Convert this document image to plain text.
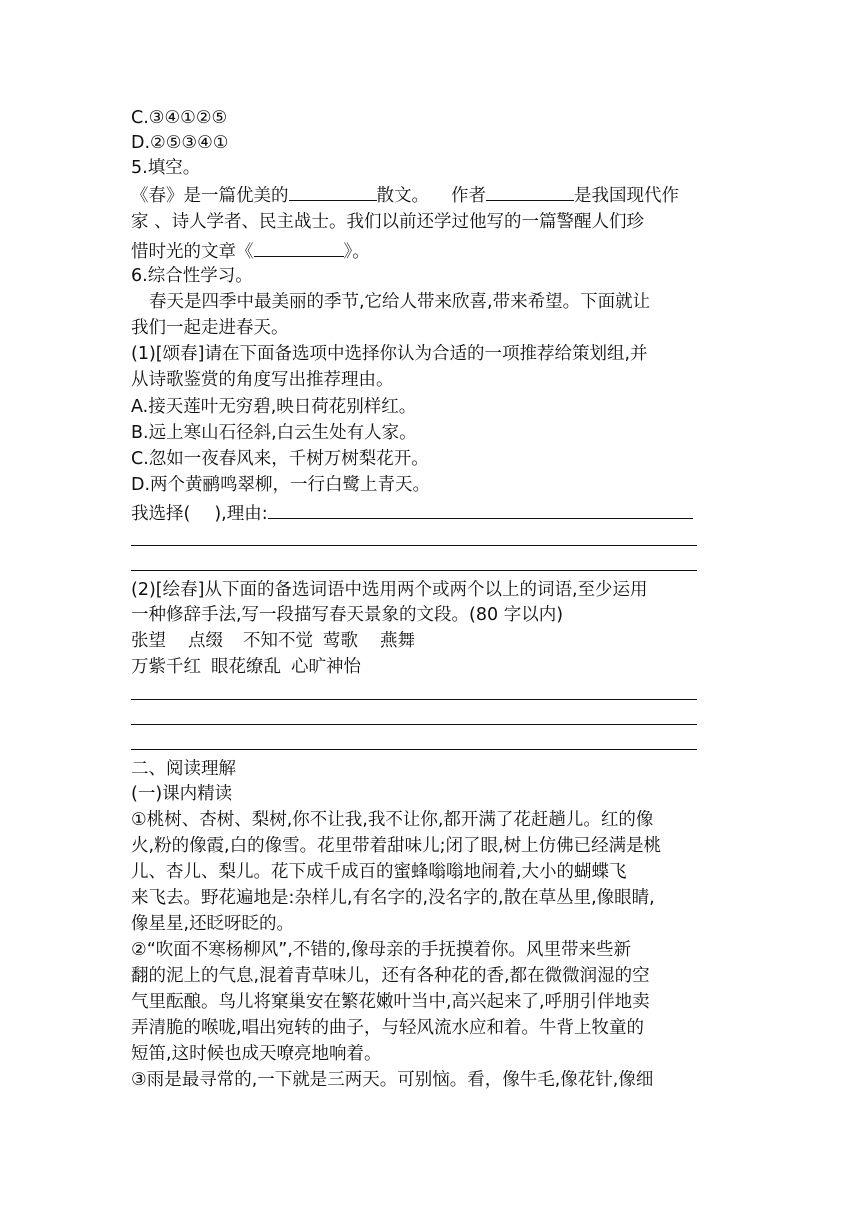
C.③④①②⑤
D.②⑤③④①
5.填空。
《春》是一篇优美的	散文。 作者	是我国现代作
家 、诗人学者、民主战士。我们以前还学过他写的一篇警醒人们珍
惜时光的文章《	》。
6.综合性学习。
春天是四季中最美丽的季节,它给人带来欣喜,带来希望。下面就让
我们一起走进春天。
(1)[颂春]请在下面备选项中选择你认为合适的一项推荐给策划组,并
从诗歌鉴赏的角度写出推荐理由。
A.接天莲叶无穷碧,映日荷花别样红。
B.远上寒山石径斜,白云生处有人家。
C.忽如一夜春风来，千树万树梨花开。
D.两个黄鹂鸣翠柳，一行白鹭上青天。
我选择( ),理由:
(2)[绘春]从下面的备选词语中选用两个或两个以上的词语,至少运用
一种修辞手法,写一段描写春天景象的文段。(80 字以内)
张望 点缀 不知不觉 莺歌 燕舞
万紫千红 眼花缭乱 心旷神怡
二、阅读理解
(一)课内精读
①桃树、杏树、梨树,你不让我,我不让你,都开满了花赶趟儿。红的像
火,粉的像霞,白的像雪。花里带着甜味儿;闭了眼,树上仿佛已经满是桃
儿、杏儿、梨儿。花下成千成百的蜜蜂嗡嗡地闹着,大小的蝴蝶飞
来飞去。野花遍地是:杂样儿,有名字的,没名字的,散在草丛里,像眼睛,
像星星,还眨呀眨的。
②“吹面不寒杨柳风”,不错的,像母亲的手抚摸着你。风里带来些新
翻的泥上的气息,混着青草味儿，还有各种花的香,都在微微润湿的空
气里酝酿。鸟儿将窠巢安在繁花嫩叶当中,高兴起来了,呼朋引伴地卖
弄清脆的喉咙,唱出宛转的曲子，与轻风流水应和着。牛背上牧童的
短笛,这时候也成天嘹亮地响着。
③雨是最寻常的,一下就是三两天。可别恼。看，像牛毛,像花针,像细
